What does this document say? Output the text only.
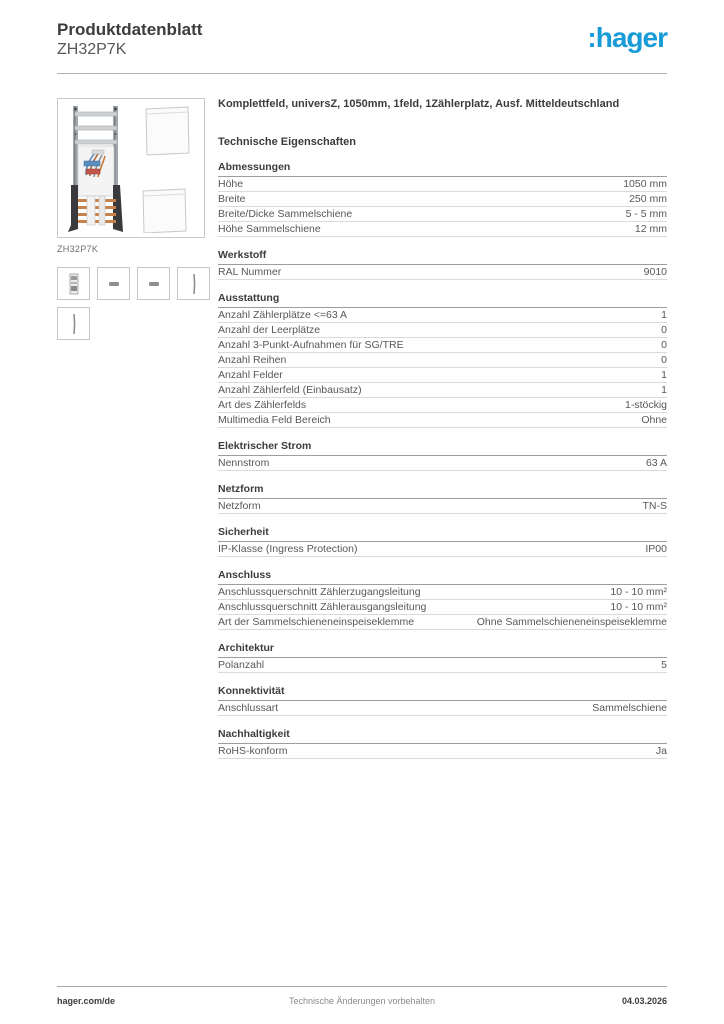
Produktdatenblatt
ZH32P7K	:hager
ZH32P7K
Komplettfeld, universZ, 1050mm, 1feld, 1Zählerplatz, Ausf. Mitteldeutschland
Technische Eigenschaften
Abmessungen
Höhe	1050 mm
Breite	250 mm
Breite/Dicke Sammelschiene	5 - 5 mm
Höhe Sammelschiene	12 mm
Werkstoff
RAL Nummer	9010
Ausstattung
Anzahl Zählerplätze <=63 A	1
Anzahl der Leerplätze	0
Anzahl 3-Punkt-Aufnahmen für SG/TRE	0
Anzahl Reihen	0
Anzahl Felder	1
Anzahl Zählerfeld (Einbausatz)	1
Art des Zählerfelds	1-stöckig
Multimedia Feld Bereich	Ohne
Elektrischer Strom
Nennstrom	63 A
Netzform
Netzform	TN-S
Sicherheit
IP-Klasse (Ingress Protection)	IP00
Anschluss
Anschlussquerschnitt Zählerzugangsleitung	10 - 10 mm²
Anschlussquerschnitt Zählerausgangsleitung	10 - 10 mm²
Art der Sammelschieneneinspeiseklemme	Ohne Sammelschieneneinspeiseklemme
Architektur
Polanzahl	5
Konnektivität
Anschlussart	Sammelschiene
Nachhaltigkeit
RoHS-konform	Ja
hager.com/de	Technische Änderungen vorbehalten	04.03.2026
